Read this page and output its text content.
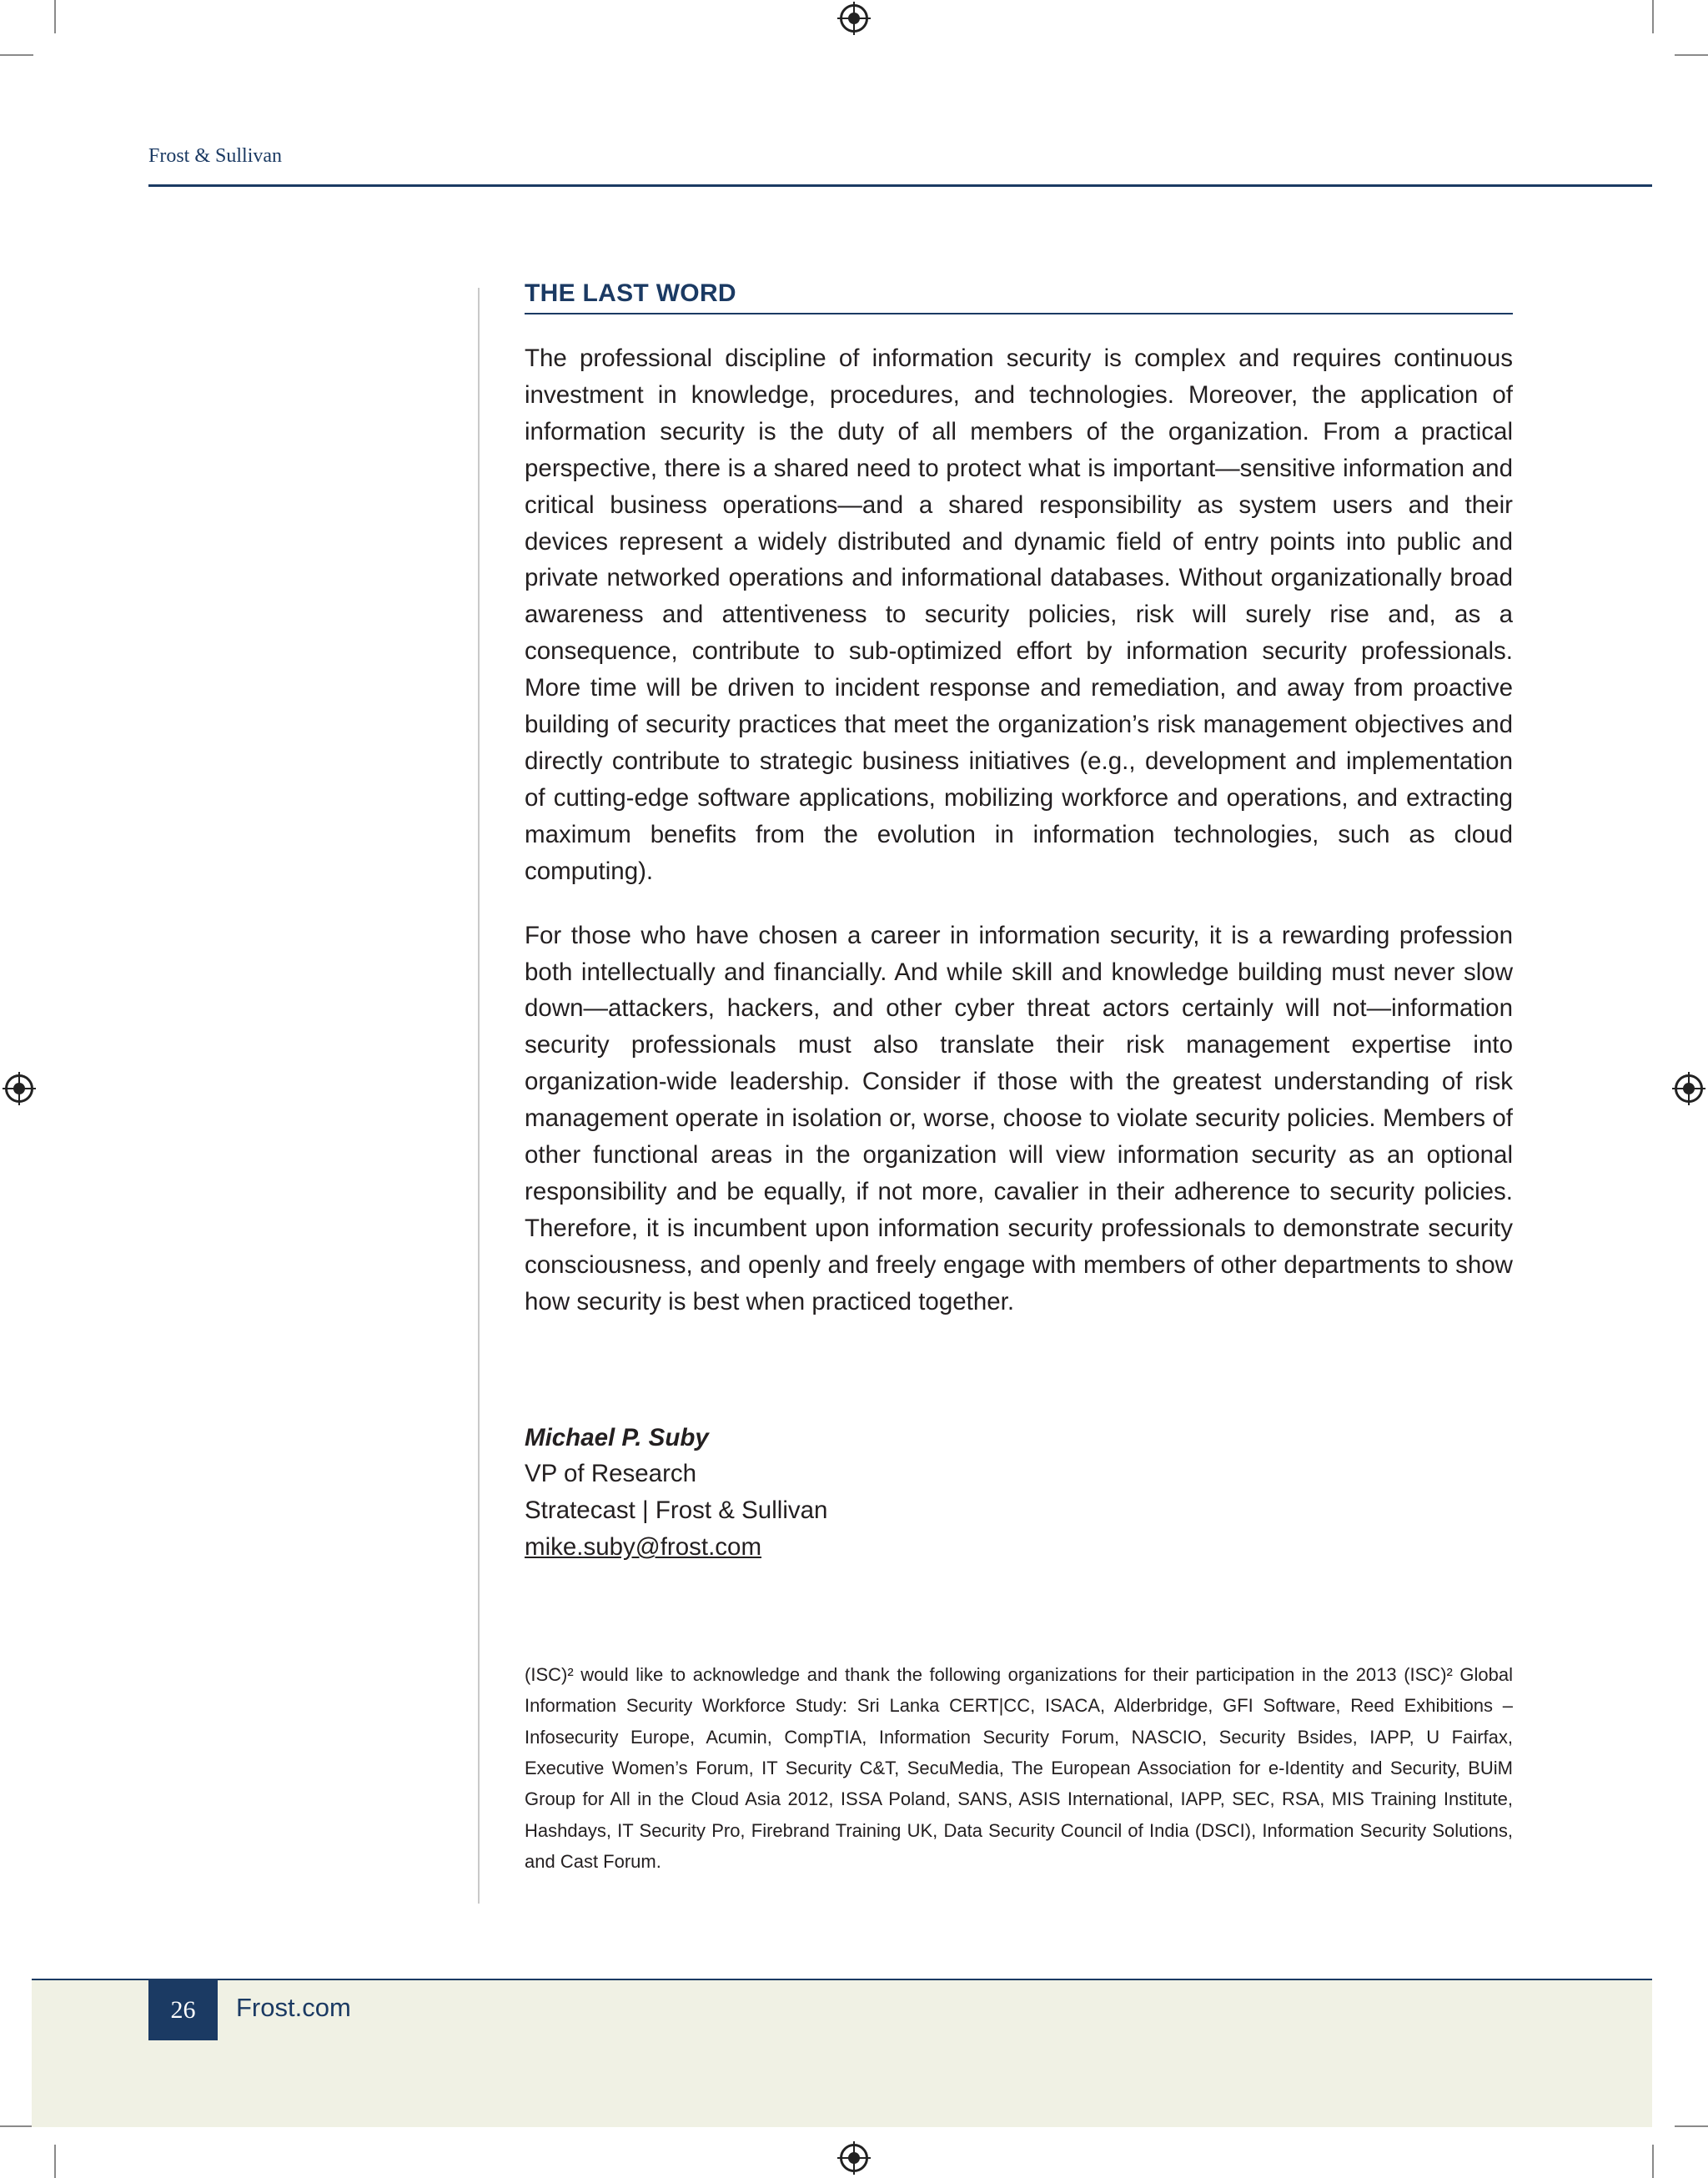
Frost & Sullivan
THE LAST WORD

The professional discipline of information security is complex and requires continuous investment in knowledge, procedures, and technologies. Moreover, the application of information security is the duty of all members of the organization. From a practical perspective, there is a shared need to protect what is important—sensitive information and critical business operations—and a shared responsibility as system users and their devices represent a widely distributed and dynamic field of entry points into public and private networked operations and informational databases. Without organizationally broad awareness and attentiveness to security policies, risk will surely rise and, as a consequence, contribute to sub-optimized effort by information security professionals. More time will be driven to incident response and remediation, and away from proactive building of security practices that meet the organization’s risk management objectives and directly contribute to strategic business initiatives (e.g., development and implementation of cutting-edge software applications, mobilizing workforce and operations, and extracting maximum benefits from the evolution in information technologies, such as cloud computing).

For those who have chosen a career in information security, it is a rewarding profession both intellectually and financially. And while skill and knowledge building must never slow down—attackers, hackers, and other cyber threat actors certainly will not—information security professionals must also translate their risk management expertise into organization-wide leadership. Consider if those with the greatest understanding of risk management operate in isolation or, worse, choose to violate security policies. Members of other functional areas in the organization will view information security as an optional responsibility and be equally, if not more, cavalier in their adherence to security policies. Therefore, it is incumbent upon information security professionals to demonstrate security consciousness, and openly and freely engage with members of other departments to show how security is best when practiced together.

Michael P. Suby
VP of Research
Stratecast | Frost & Sullivan
mike.suby@frost.com

(ISC)² would like to acknowledge and thank the following organizations for their participation in the 2013 (ISC)² Global Information Security Workforce Study: Sri Lanka CERT|CC, ISACA, Alderbridge, GFI Software, Reed Exhibitions – Infosecurity Europe, Acumin, CompTIA, Information Security Forum, NASCIO, Security Bsides, IAPP, U Fairfax, Executive Women’s Forum, IT Security C&T, SecuMedia, The European Association for e-Identity and Security, BUiM Group for All in the Cloud Asia 2012, ISSA Poland, SANS, ASIS International, IAPP, SEC, RSA, MIS Training Institute, Hashdays, IT Security Pro, Firebrand Training UK, Data Security Council of India (DSCI), Information Security Solutions, and Cast Forum.

26	Frost.com
